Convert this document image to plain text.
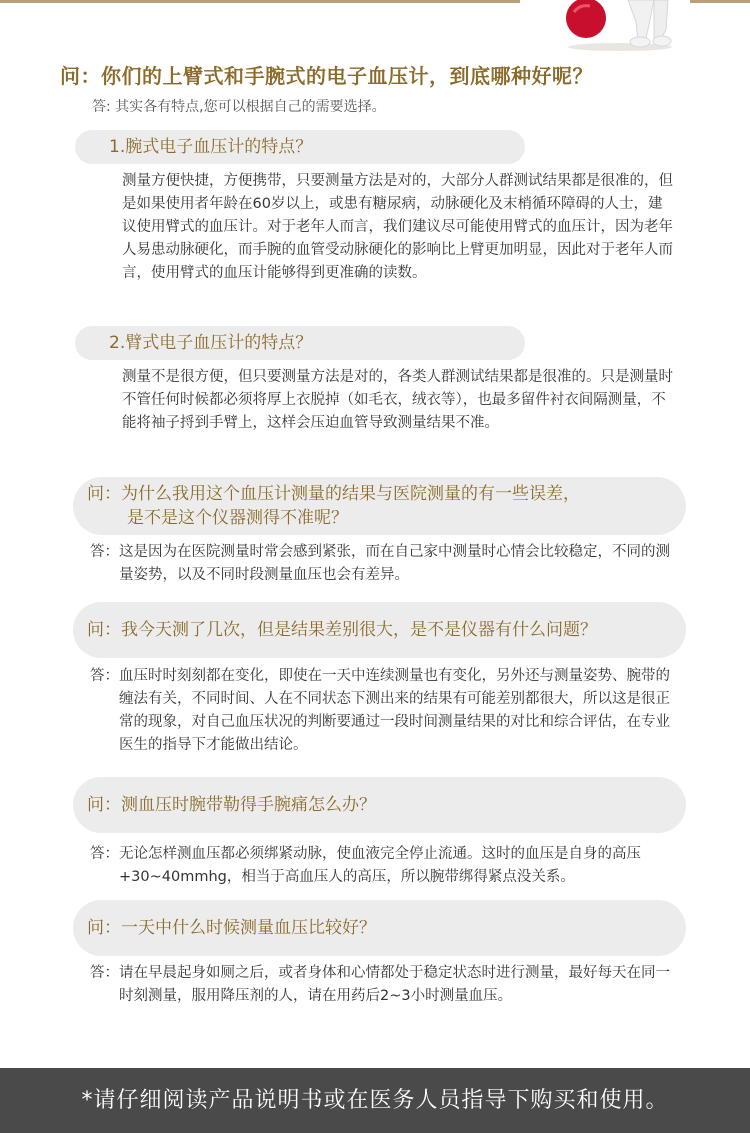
问：你们的上臂式和手腕式的电子血压计，到底哪种好呢？
答: 其实各有特点,您可以根据自己的需要选择。
1.腕式电子血压计的特点？
测量方便快捷，方便携带，只要测量方法是对的，大部分人群测试结果都是很准的，但是如果使用者年龄在60岁以上，或患有糖尿病，动脉硬化及末梢循环障碍的人士，建议使用臂式的血压计。对于老年人而言，我们建议尽可能使用臂式的血压计，因为老年人易患动脉硬化，而手腕的血管受动脉硬化的影响比上臂更加明显，因此对于老年人而言，使用臂式的血压计能够得到更准确的读数。
2.臂式电子血压计的特点？
测量不是很方便，但只要测量方法是对的，各类人群测试结果都是很准的。只是测量时不管任何时候都必须将厚上衣脱掉（如毛衣，绒衣等），也最多留件衬衣间隔测量，不能将袖子捋到手臂上，这样会压迫血管导致测量结果不准。
问：为什么我用这个血压计测量的结果与医院测量的有一些误差，
是不是这个仪器测得不准呢？
答： 这是因为在医院测量时常会感到紧张，而在自己家中测量时心情会比较稳定，不同的测量姿势，以及不同时段测量血压也会有差异。
问：我今天测了几次，但是结果差别很大，是不是仪器有什么问题？
答： 血压时时刻刻都在变化，即使在一天中连续测量也有变化，另外还与测量姿势、腕带的缠法有关，不同时间、人在不同状态下测出来的结果有可能差别都很大，所以这是很正常的现象，对自己血压状况的判断要通过一段时间测量结果的对比和综合评估，在专业医生的指导下才能做出结论。
问：测血压时腕带勒得手腕痛怎么办？
答： 无论怎样测血压都必须绑紧动脉，使血液完全停止流通。这时的血压是自身的高压+30~40mmhg，相当于高血压人的高压，所以腕带绑得紧点没关系。
问：一天中什么时候测量血压比较好？
答： 请在早晨起身如厕之后，或者身体和心情都处于稳定状态时进行测量，最好每天在同一时刻测量，服用降压剂的人，请在用药后2~3小时测量血压。
*请仔细阅读产品说明书或在医务人员指导下购买和使用。
